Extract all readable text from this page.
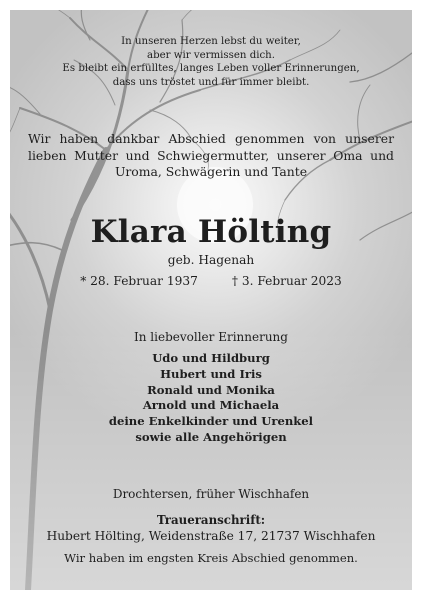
In unseren Herzen lebst du weiter,
aber wir vermissen dich.
Es bleibt ein erfülltes, langes Leben voller Erinnerungen,
dass uns tröstet und für immer bleibt.
Wir haben dankbar Abschied genommen von unserer lieben Mutter und Schwiegermutter, unserer Oma und Uroma, Schwägerin und Tante
Klara Hölting
geb. Hagenah
* 28. Februar 1937	† 3. Februar 2023
In liebevoller Erinnerung
Udo und Hildburg
Hubert und Iris
Ronald und Monika
Arnold und Michaela
deine Enkelkinder und Urenkel
sowie alle Angehörigen
Drochtersen, früher Wischhafen
Traueranschrift:
Hubert Hölting, Weidenstraße 17, 21737 Wischhafen
Wir haben im engsten Kreis Abschied genommen.
